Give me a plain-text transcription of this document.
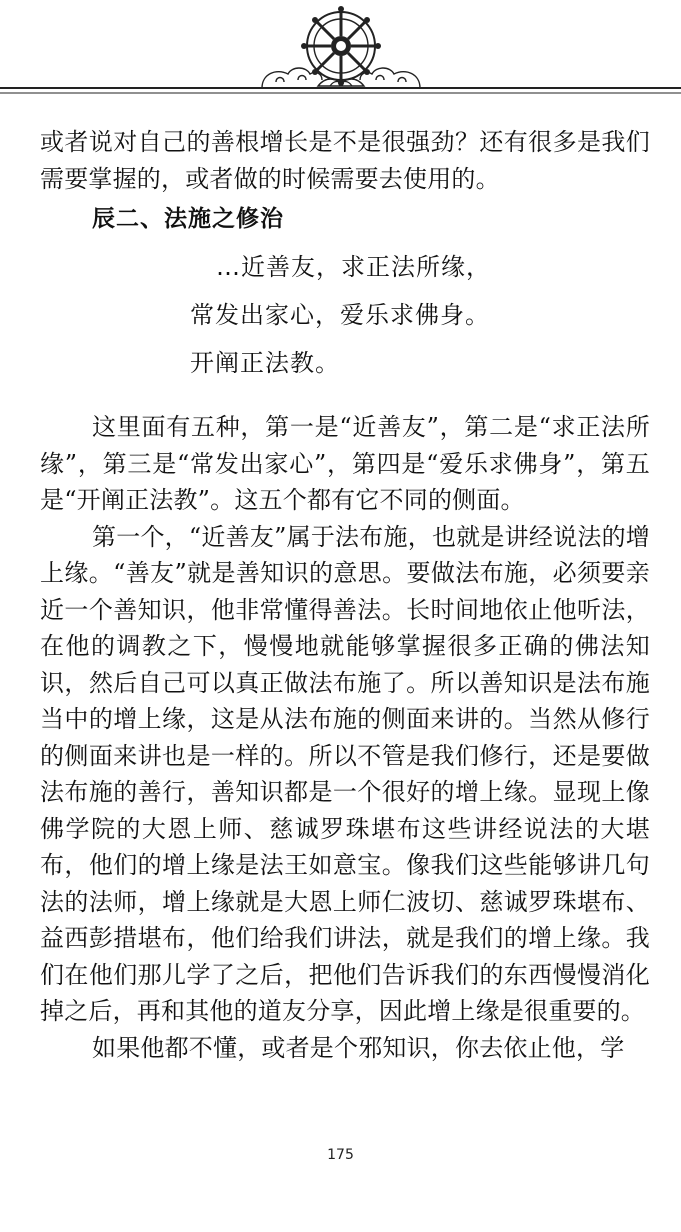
或者说对自己的善根增长是不是很强劲？还有很多是我们需要掌握的，或者做的时候需要去使用的。

辰二、法施之修治

…近善友，求正法所缘，

常发出家心，爱乐求佛身。

开阐正法教。

这里面有五种，第一是“近善友”，第二是“求正法所缘”，第三是“常发出家心”，第四是“爱乐求佛身”，第五是“开阐正法教”。这五个都有它不同的侧面。

第一个，“近善友”属于法布施，也就是讲经说法的增上缘。“善友”就是善知识的意思。要做法布施，必须要亲近一个善知识，他非常懂得善法。长时间地依止他听法，在他的调教之下，慢慢地就能够掌握很多正确的佛法知识，然后自己可以真正做法布施了。所以善知识是法布施当中的增上缘，这是从法布施的侧面来讲的。当然从修行的侧面来讲也是一样的。所以不管是我们修行，还是要做法布施的善行，善知识都是一个很好的增上缘。显现上像佛学院的大恩上师、慈诚罗珠堪布这些讲经说法的大堪布，他们的增上缘是法王如意宝。像我们这些能够讲几句法的法师，增上缘就是大恩上师仁波切、慈诚罗珠堪布、益西彭措堪布，他们给我们讲法，就是我们的增上缘。我们在他们那儿学了之后，把他们告诉我们的东西慢慢消化掉之后，再和其他的道友分享，因此增上缘是很重要的。

如果他都不懂，或者是个邪知识，你去依止他，学

175
